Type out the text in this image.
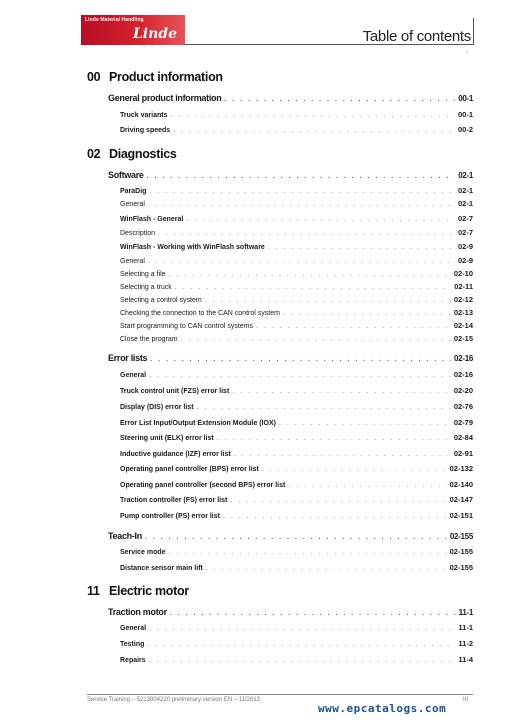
Linde Material Handling
Linde	Table of contents
I
00 Product information
General product information . . .	00-1
Truck variants . . .	00-1
Driving speeds . . .	00-2
02 Diagnostics
Software . . .	02-1
ParaDig . . .	02-1
General . . .	02-1
WinFlash - General . . .	02-7
Description . . .	02-7
WinFlash - Working with WinFlash software . . .	02-9
General . . .	02-9
Selecting a file . . .	02-10
Selecting a truck . . .	02-11
Selecting a control system . . .	02-12
Checking the connection to the CAN control system . . .	02-13
Start programming to CAN control systems . . .	02-14
Close the program . . .	02-15
Error lists . . .	02-16
General . . .	02-16
Truck control unit (FZS) error list . . .	02-20
Display (DIS) error list . . .	02-76
Error List Input/Output Extension Module (IOX) . . .	02-79
Steering unit (ELK) error list . . .	02-84
Inductive guidance (IZF) error list . . .	02-91
Operating panel controller (BPS) error list . . .	02-132
Operating panel controller (second BPS) error list . . .	02-140
Traction controller (FS) error list . . .	02-147
Pump controller (PS) error list . . .	02-151
Teach-In . . .	02-155
Service mode . . .	02-155
Distance sensor main lift . . .	02-155
11 Electric motor
Traction motor . . .	11-1
General . . .	11-1
Testing . . .	11-2
Repairs . . .	11-4
Service Training – 5213804220 preliminary version EN – 11/2013	III
www.epcatalogs.com
